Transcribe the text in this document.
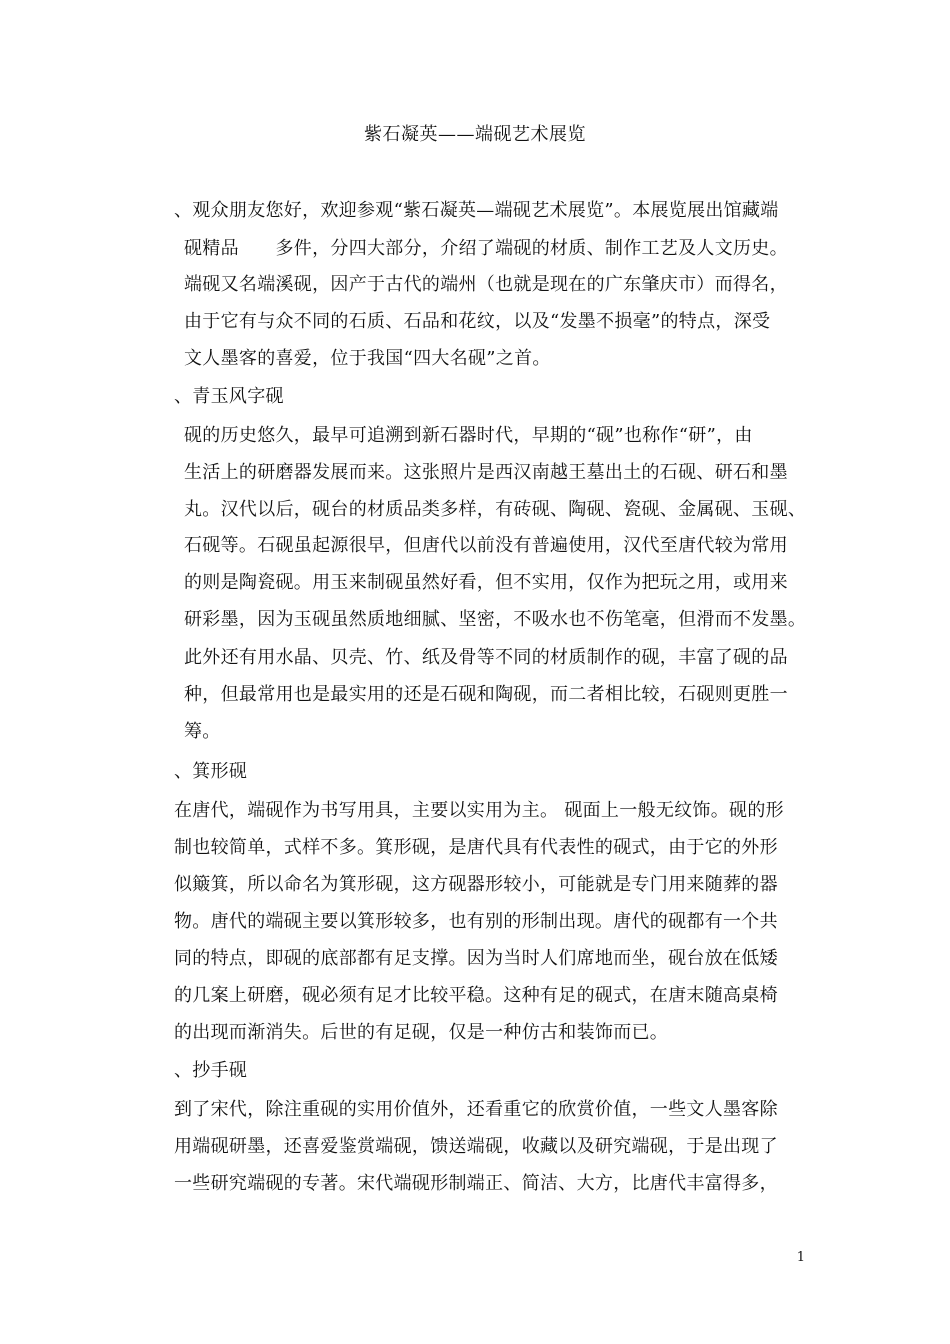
紫石凝英——端砚艺术展览
、观众朋友您好，欢迎参观“紫石凝英—端砚艺术展览”。本展览展出馆藏端
砚精品　　多件，分四大部分，介绍了端砚的材质、制作工艺及人文历史。
端砚又名端溪砚，因产于古代的端州（也就是现在的广东肇庆市）而得名，
由于它有与众不同的石质、石品和花纹，以及“发墨不损毫”的特点，深受
文人墨客的喜爱，位于我国“四大名砚”之首。
、青玉风字砚
砚的历史悠久，最早可追溯到新石器时代，早期的“砚”也称作“研”，由
生活上的研磨器发展而来。这张照片是西汉南越王墓出土的石砚、研石和墨
丸。汉代以后，砚台的材质品类多样，有砖砚、陶砚、瓷砚、金属砚、玉砚、
石砚等。石砚虽起源很早，但唐代以前没有普遍使用，汉代至唐代较为常用
的则是陶瓷砚。用玉来制砚虽然好看，但不实用，仅作为把玩之用，或用来
研彩墨，因为玉砚虽然质地细腻、坚密，不吸水也不伤笔毫，但滑而不发墨。
此外还有用水晶、贝壳、竹、纸及骨等不同的材质制作的砚，丰富了砚的品
种，但最常用也是最实用的还是石砚和陶砚，而二者相比较，石砚则更胜一
筹。
、箕形砚
在唐代，端砚作为书写用具，主要以实用为主。 砚面上一般无纹饰。砚的形
制也较简单，式样不多。箕形砚，是唐代具有代表性的砚式，由于它的外形
似簸箕，所以命名为箕形砚，这方砚器形较小，可能就是专门用来随葬的器
物。唐代的端砚主要以箕形较多，也有别的形制出现。唐代的砚都有一个共
同的特点，即砚的底部都有足支撑。因为当时人们席地而坐，砚台放在低矮
的几案上研磨，砚必须有足才比较平稳。这种有足的砚式，在唐末随高桌椅
的出现而渐消失。后世的有足砚，仅是一种仿古和装饰而已。
、抄手砚
到了宋代，除注重砚的实用价值外，还看重它的欣赏价值，一些文人墨客除
用端砚研墨，还喜爱鉴赏端砚，馈送端砚，收藏以及研究端砚，于是出现了
一些研究端砚的专著。宋代端砚形制端正、简洁、大方，比唐代丰富得多，
1
